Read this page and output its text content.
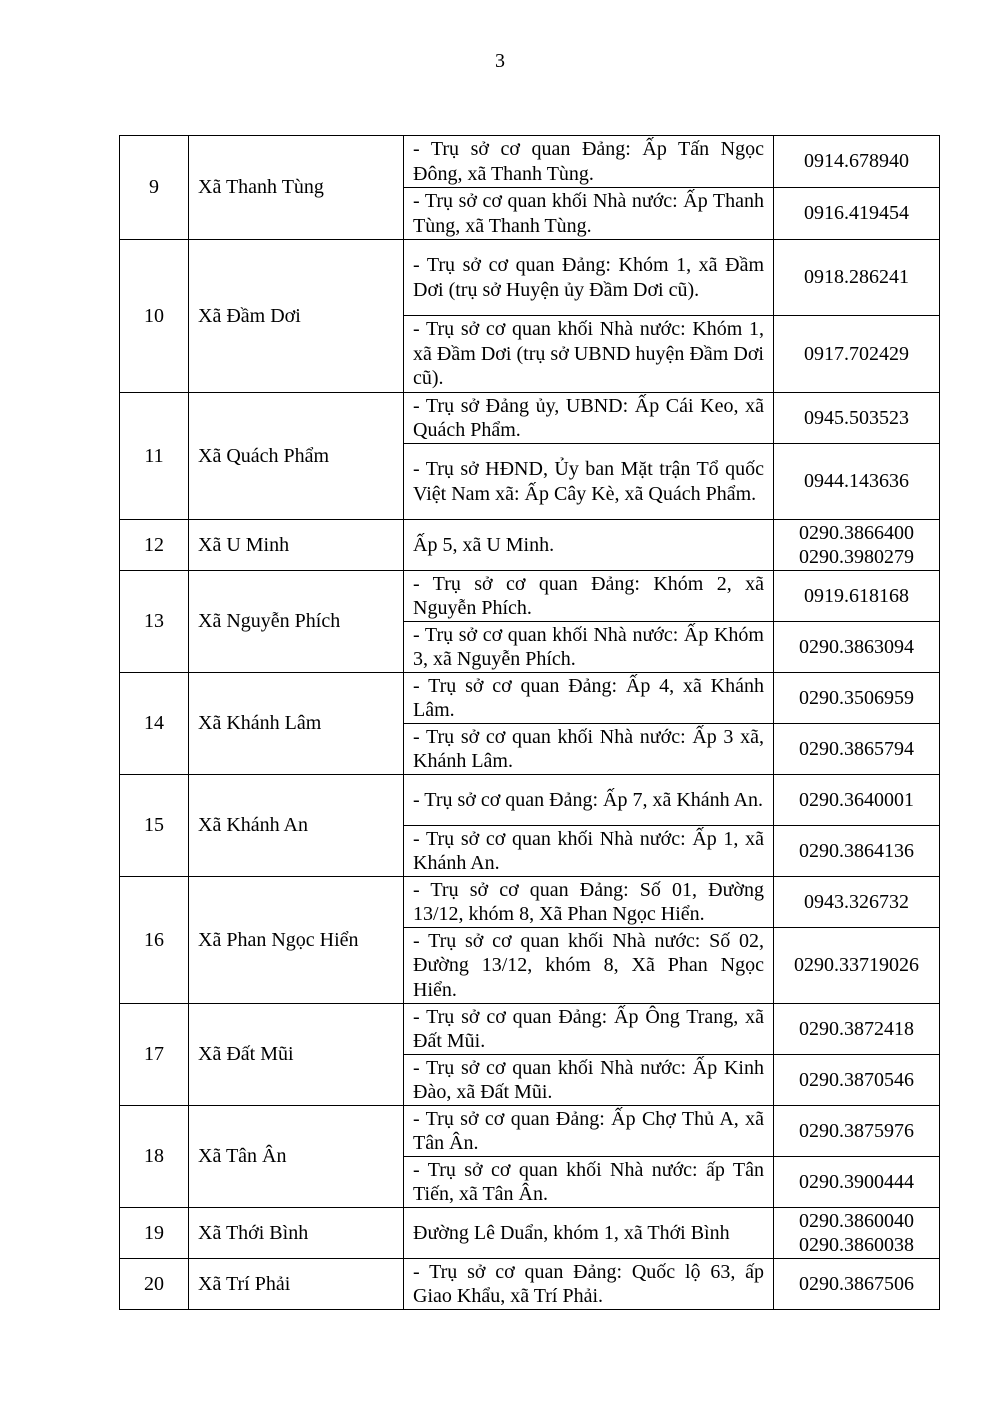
3
9	Xã Thanh Tùng	- Trụ sở cơ quan Đảng: Ấp Tấn Ngọc Đông, xã Thanh Tùng.	0914.678940

		- Trụ sở cơ quan khối Nhà nước: Ấp Thanh Tùng, xã Thanh Tùng.	0916.419454

10	Xã Đầm Dơi	- Trụ sở cơ quan Đảng: Khóm 1, xã Đầm Dơi (trụ sở Huyện ủy Đầm Dơi cũ).	0918.286241

		- Trụ sở cơ quan khối Nhà nước: Khóm 1, xã Đầm Dơi (trụ sở UBND huyện Đầm Dơi cũ).	0917.702429

11	Xã Quách Phẩm	- Trụ sở Đảng ủy, UBND: Ấp Cái Keo, xã Quách Phẩm.	0945.503523

		- Trụ sở HĐND, Ủy ban Mặt trận Tổ quốc Việt Nam xã: Ấp Cây Kè, xã Quách Phẩm.	0944.143636

12	Xã U Minh	Ấp 5, xã U Minh.	0290.3866400
0290.3980279

13	Xã Nguyễn Phích	- Trụ sở cơ quan Đảng: Khóm 2, xã Nguyễn Phích.	0919.618168

		- Trụ sở cơ quan khối Nhà nước: Ấp Khóm 3, xã Nguyễn Phích.	0290.3863094

14	Xã Khánh Lâm	- Trụ sở cơ quan Đảng: Ấp 4, xã Khánh Lâm.	0290.3506959

		- Trụ sở cơ quan khối Nhà nước: Ấp 3 xã, Khánh Lâm.	0290.3865794

15	Xã Khánh An	- Trụ sở cơ quan Đảng: Ấp 7, xã Khánh An.	0290.3640001

		- Trụ sở cơ quan khối Nhà nước: Ấp 1, xã Khánh An.	0290.3864136

16	Xã Phan Ngọc Hiển	- Trụ sở cơ quan Đảng: Số 01, Đường 13/12, khóm 8, Xã Phan Ngọc Hiển.	0943.326732

		- Trụ sở cơ quan khối Nhà nước: Số 02, Đường 13/12, khóm 8, Xã Phan Ngọc Hiển.	0290.33719026

17	Xã Đất Mũi	- Trụ sở cơ quan Đảng: Ấp Ông Trang, xã Đất Mũi.	0290.3872418

		- Trụ sở cơ quan khối Nhà nước: Ấp Kinh Đào, xã Đất Mũi.	0290.3870546

18	Xã Tân Ân	- Trụ sở cơ quan Đảng: Ấp Chợ Thủ A, xã Tân Ân.	0290.3875976

		- Trụ sở cơ quan khối Nhà nước: ấp Tân Tiến, xã Tân Ân.	0290.3900444

19	Xã Thới Bình	Đường Lê Duẩn, khóm 1, xã Thới Bình	0290.3860040
0290.3860038

20	Xã Trí Phải	- Trụ sở cơ quan Đảng: Quốc lộ 63, ấp Giao Khẩu, xã Trí Phải.	0290.3867506
